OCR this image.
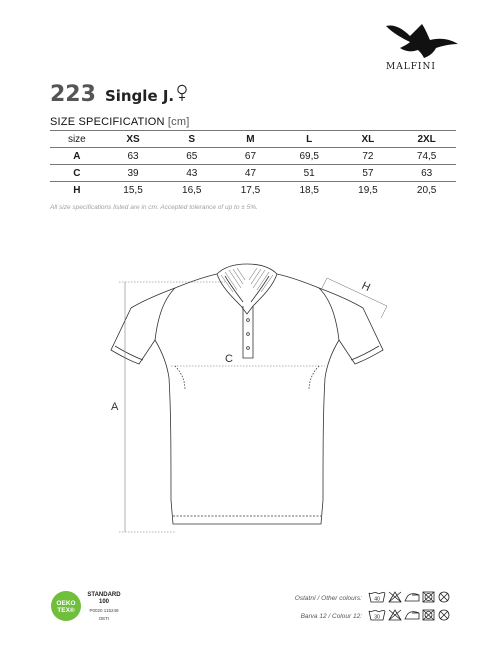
MALFINI
223 Single J.
SIZE SPECIFICATION [cm]
size	XS	S	M	L	XL	2XL
A	63	65	67	69,5	72	74,5
C	39	43	47	51	57	63
H	15,5	16,5	17,5	18,5	19,5	20,5
All size specifications listed are in cm. Accepted tolerance of up to ± 5%.
A
C
H
OEKO
TEX®
STANDARD
100
P0020 115249
OETI
Ostatní / Other colours:
Barva 12 / Colour 12:
40
30
